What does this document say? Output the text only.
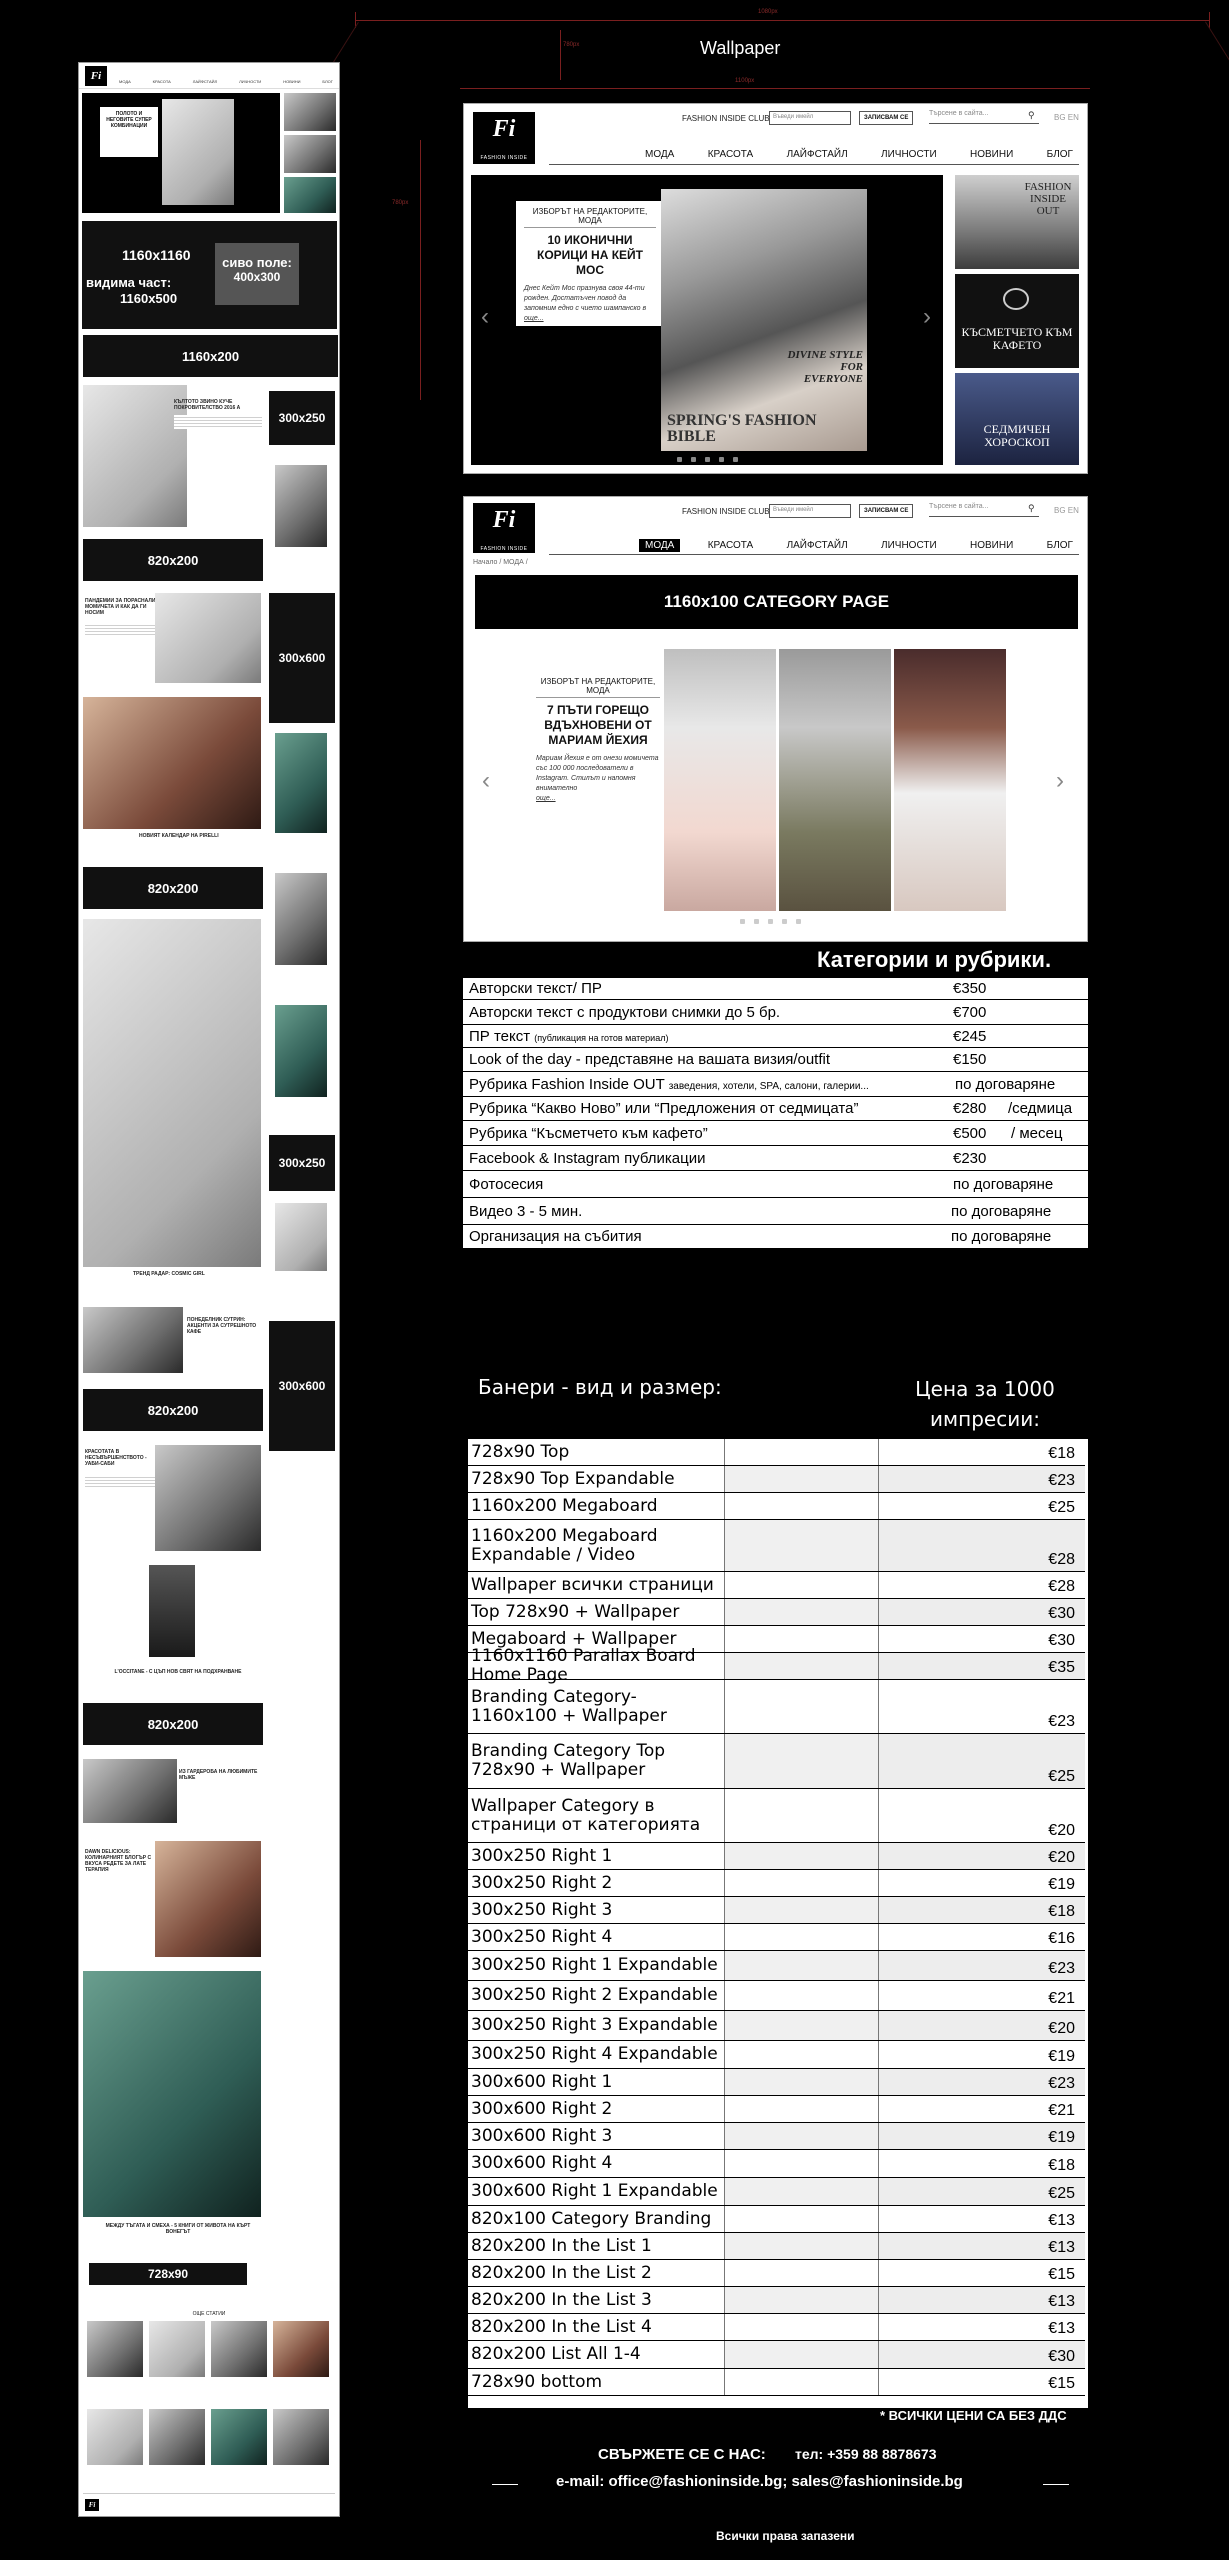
1080px
Wallpaper
780px
1100px
780px
Fi	МОДА	КРАСОТА	ЛАЙФСТАЙЛ	ЛИЧНОСТИ	НОВИНИ	БЛОГ
ПОЛОТО И НЕГОВИТЕ СУПЕР КОМБИНАЦИИ
1160x1160
видима част:
1160x500
сиво поле:
400x300
1160x200
КЪЛТОТО ЗВИНО КУЧЕ ПОКРОВИТЕЛСТВО 2016 А
300x250
820x200
ПАНДЕМИИ ЗА ПОРАСНАЛИ МОМИЧЕТА И КАК ДА ГИ НОСИМ
300x600
НОВИЯТ КАЛЕНДАР НА PIRELLI
820x200
ТРЕНД РАДАР: COSMIC GIRL
300x250
ПОНЕДЕЛНИК СУТРИН: АКЦЕНТИ ЗА СУТРЕШНОТО КАФЕ
300x600
820x200
КРАСОТАТА В НЕСЪВЪРШЕНСТВОТО - УАБИ-САБИ
L'OCCITANE - С ЦЪП НОВ СВЯТ НА ПОДХРАНВАНЕ
820x200
ИЗ ГАРДЕРОБА НА ЛЮБИМИТЕ МЪЖЕ
DAWN DELICIOUS: КОЛИНАРНИЯТ БЛОГЪР С ВКУСА РЕДЕТЕ ЗА ЛАТЕ ТЕРАПИЯ
МЕЖДУ ТЪГАТА И СМЕХА - 5 КНИГИ ОТ ЖИВОТА НА КЪРТ ВОНЕГЪТ
728x90
ОЩЕ СТАТИИ
Fi
Fi
FASHION INSIDE
FASHION INSIDE CLUB Въведи имейл	ЗАПИСВАМ СЕ
Търсене в сайта...	⚲ BG EN
МОДА	КРАСОТА	ЛАЙФСТАЙЛ	ЛИЧНОСТИ	НОВИНИ	БЛОГ
ИЗБОРЪТ НА РЕДАКТОРИТЕ, МОДА
10 ИКОНИЧНИ КОРИЦИ НА КЕЙТ МОС
Днес Кейт Мос празнува своя 44-ти рожден. Достатъчен повод да запомним едно с чието шампанско в
още...
DIVINE STYLE FOR EVERYONE
SPRING'S FASHION BIBLE
‹	›
FASHION INSIDE OUT
КЪСМЕТЧЕТО КЪМ КАФЕТО
СЕДМИЧЕН ХОРОСКОП
Fi
FASHION INSIDE
FASHION INSIDE CLUB Въведи имейл	ЗАПИСВАМ СЕ
Търсене в сайта...	⚲ BG EN
МОДА	КРАСОТА	ЛАЙФСТАЙЛ	ЛИЧНОСТИ	НОВИНИ	БЛОГ
Начало / МОДА /
1160x100 CATEGORY PAGE
ИЗБОРЪТ НА РЕДАКТОРИТЕ, МОДА
7 ПЪТИ ГОРЕЩО ВДЪХНОВЕНИ ОТ МАРИАМ ЙЕХИЯ
Мариам Йехия е от онези момичета със 100 000 последователи в Instagram. Стилът и напомня внимателно
още...
‹	›
Категории и рубрики.
Авторски текст/ ПР	€350
Авторски текст с продуктови снимки до 5 бр.	€700
ПР текст (публикация на готов материал)	€245
Look of the day - представяне на вашата визия/outfit	€150
Рубрика Fashion Inside OUT заведения, хотели, SPA, салони, галерии...	по договаряне
Рубрика “Какво Ново” или “Предложения от седмицата”	€280 /седмица
Рубрика “Късметчето към кафето”	€500 / месец
Facebook & Instagram публикации	€230
Фотосесия	по договаряне
Видео 3 - 5 мин.	по договаряне
Организация на събития	по договаряне
Банери - вид и размер:	Цена за 1000 импресии:
728x90 Top	€18
728x90 Top Expandable	€23
1160x200 Megaboard	€25
1160x200 Megaboard Expandable / Video	€28
Wallpaper всички страници	€28
Top 728x90 + Wallpaper	€30
Megaboard + Wallpaper	€30
1160x1160 Parallax Board Home Page	€35
Branding Category- 1160x100 + Wallpaper	€23
Branding Category Top 728x90 + Wallpaper	€25
Wallpaper Category в страници от категорията	€20
300x250 Right 1	€20
300x250 Right 2	€19
300x250 Right 3	€18
300x250 Right 4	€16
300x250 Right 1 Expandable	€23
300x250 Right 2 Expandable	€21
300x250 Right 3 Expandable	€20
300x250 Right 4 Expandable	€19
300x600 Right 1	€23
300x600 Right 2	€21
300x600 Right 3	€19
300x600 Right 4	€18
300x600 Right 1 Expandable	€25
820x100 Category Branding	€13
820x200 In the List 1	€13
820x200 In the List 2	€15
820x200 In the List 3	€13
820x200 In the List 4	€13
820x200 List All 1-4	€30
728x90 bottom	€15
* ВСИЧКИ ЦЕНИ СА БЕЗ ДДС
СВЪРЖЕТЕ СЕ С НАС: тел: +359 88 8878673
e-mail: office@fashioninside.bg; sales@fashioninside.bg
Всички права запазени
